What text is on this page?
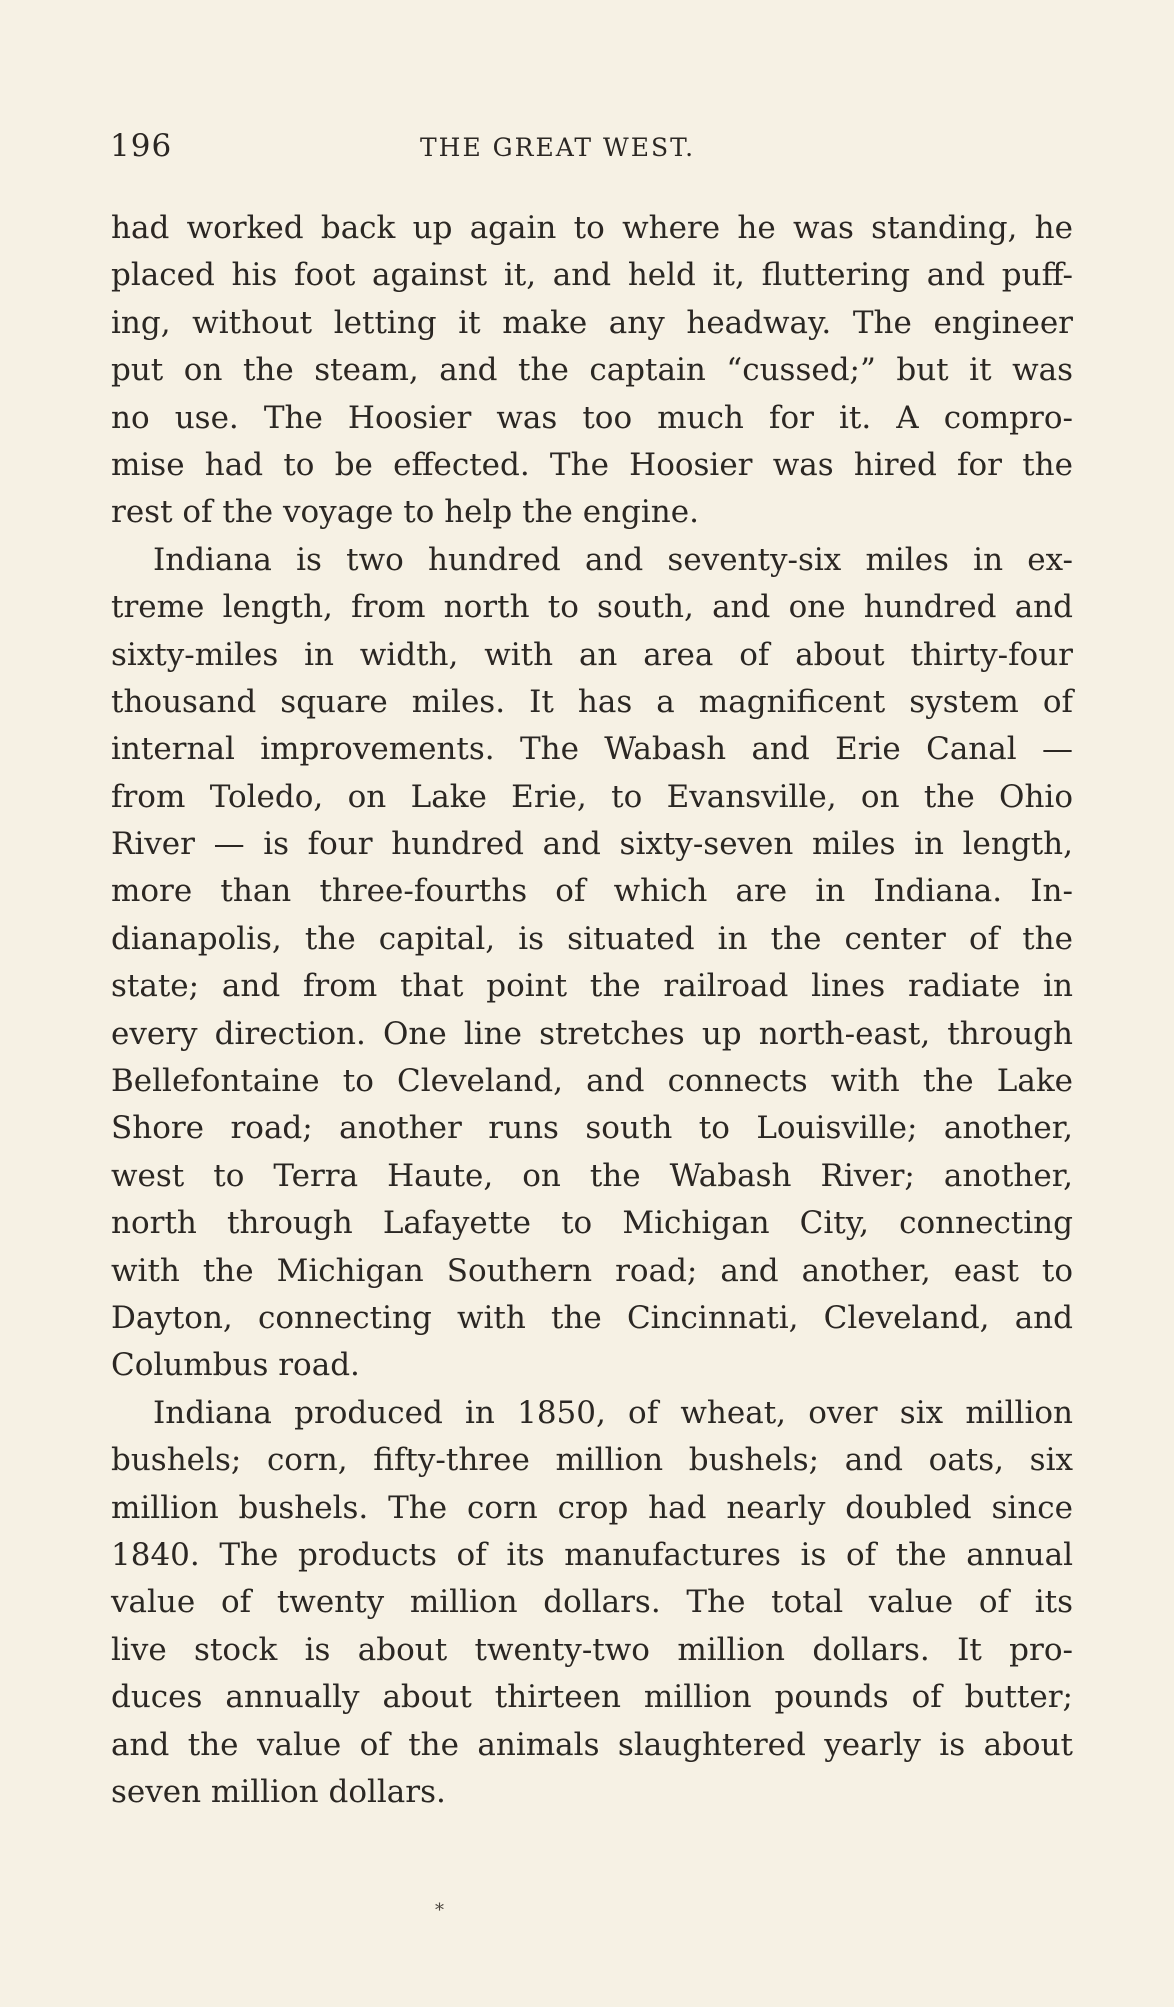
196	THE GREAT WEST.
had worked back up again to where he was standing, he
placed his foot against it, and held it, fluttering and puff-
ing, without letting it make any headway. The engineer
put on the steam, and the captain “cussed;” but it was
no use. The Hoosier was too much for it. A compro-
mise had to be effected. The Hoosier was hired for the
rest of the voyage to help the engine.
Indiana is two hundred and seventy-six miles in ex-
treme length, from north to south, and one hundred and
sixty-miles in width, with an area of about thirty-four
thousand square miles. It has a magnificent system of
internal improvements. The Wabash and Erie Canal —
from Toledo, on Lake Erie, to Evansville, on the Ohio
River — is four hundred and sixty-seven miles in length,
more than three-fourths of which are in Indiana. In-
dianapolis, the capital, is situated in the center of the
state; and from that point the railroad lines radiate in
every direction. One line stretches up north-east, through
Bellefontaine to Cleveland, and connects with the Lake
Shore road; another runs south to Louisville; another,
west to Terra Haute, on the Wabash River; another,
north through Lafayette to Michigan City, connecting
with the Michigan Southern road; and another, east to
Dayton, connecting with the Cincinnati, Cleveland, and
Columbus road.
Indiana produced in 1850, of wheat, over six million
bushels; corn, fifty-three million bushels; and oats, six
million bushels. The corn crop had nearly doubled since
1840. The products of its manufactures is of the annual
value of twenty million dollars. The total value of its
live stock is about twenty-two million dollars. It pro-
duces annually about thirteen million pounds of butter;
and the value of the animals slaughtered yearly is about
seven million dollars.
*
